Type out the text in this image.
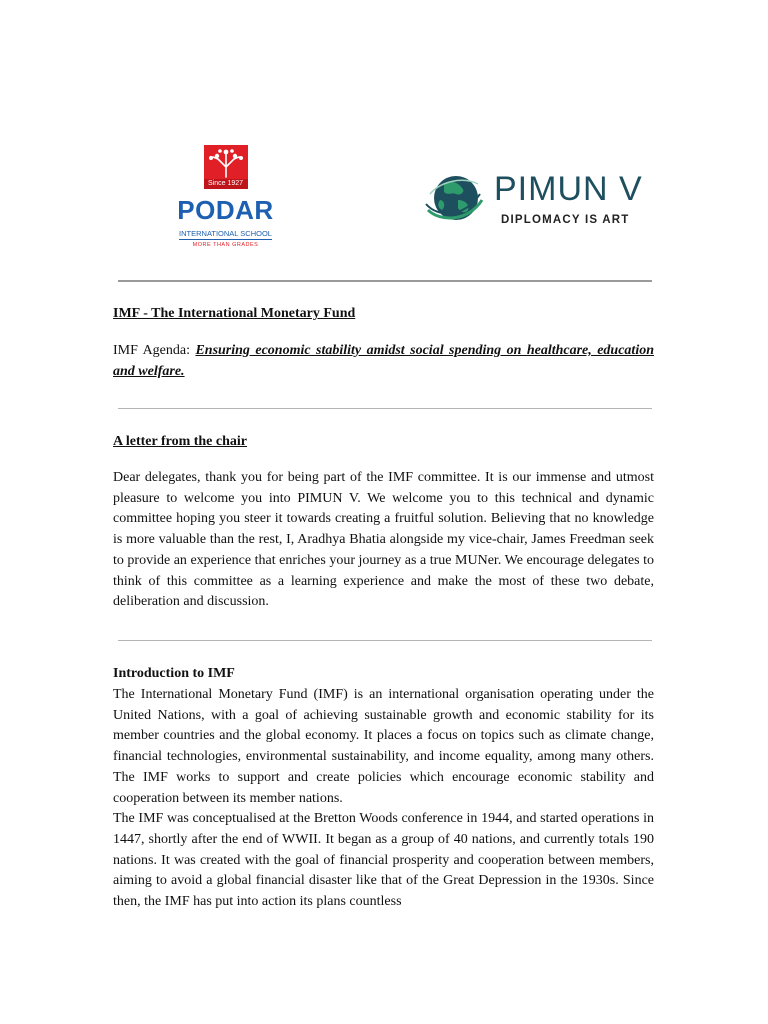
Since 1927
PODAR
INTERNATIONAL SCHOOL
MORE THAN GRADES
PIMUN V
DIPLOMACY IS ART
IMF - The International Monetary Fund
IMF Agenda: Ensuring economic stability amidst social spending on healthcare, education and welfare.
A letter from the chair
Dear delegates, thank you for being part of the IMF committee. It is our immense and utmost pleasure to welcome you into PIMUN V. We welcome you to this technical and dynamic committee hoping you steer it towards creating a fruitful solution. Believing that no knowledge is more valuable than the rest, I, Aradhya Bhatia alongside my vice-chair, James Freedman seek to provide an experience that enriches your journey as a true MUNer. We encourage delegates to think of this committee as a learning experience and make the most of these two debate, deliberation and discussion.
Introduction to IMF

The International Monetary Fund (IMF) is an international organisation operating under the United Nations, with a goal of achieving sustainable growth and economic stability for its member countries and the global economy. It places a focus on topics such as climate change, financial technologies, environmental sustainability, and income equality, among many others. The IMF works to support and create policies which encourage economic stability and cooperation between its member nations.

The IMF was conceptualised at the Bretton Woods conference in 1944, and started operations in 1447, shortly after the end of WWII. It began as a group of 40 nations, and currently totals 190 nations. It was created with the goal of financial prosperity and cooperation between members, aiming to avoid a global financial disaster like that of the Great Depression in the 1930s. Since then, the IMF has put into action its plans countless
